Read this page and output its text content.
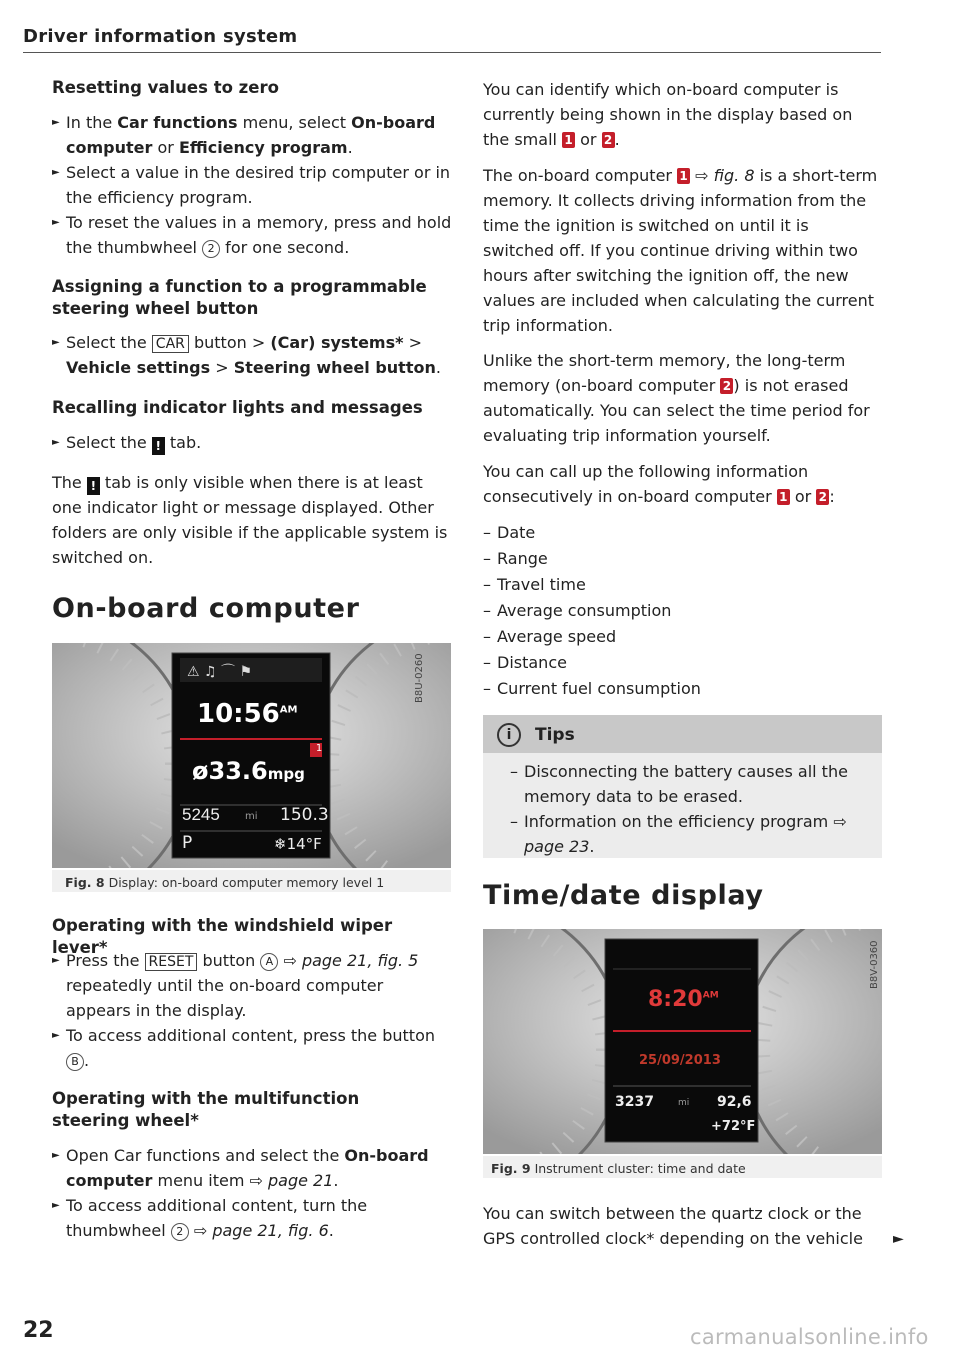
Driver information system
Resetting values to zero
► In the Car functions menu, select On-board computer or Efficiency program.
► Select a value in the desired trip computer or in the efficiency program.
► To reset the values in a memory, press and hold the thumbwheel 2 for one second.
Assigning a function to a programmable steering wheel button
► Select the CAR button > (Car) systems* > Vehicle settings > Steering wheel button.
Recalling indicator lights and messages
► Select the ! tab.
The ! tab is only visible when there is at least one indicator light or message displayed. Other folders are only visible if the applicable system is switched on.
On-board computer
⚠ ♫ ⌒ ⚑
$10:56^{AM}$
1
ø33.6mpg
5245	mi 150.3
P	❄14°F
B8U-0260
Fig. 8 Display: on-board computer memory level 1
Operating with the windshield wiper lever*
► Press the RESET button A ⇨ page 21, fig. 5 repeatedly until the on-board computer appears in the display.
► To access additional content, press the button B .
Operating with the multifunction steering wheel*
► Open Car functions and select the On-board computer menu item ⇨ page 21.
► To access additional content, turn the thumbwheel 2 ⇨ page 21, fig. 6.
22
You can identify which on-board computer is currently being shown in the display based on the small 1 or 2 .
The on-board computer 1 ⇨ fig. 8 is a short-term memory. It collects driving information from the time the ignition is switched on until it is switched off. If you continue driving within two hours after switching the ignition off, the new values are included when calculating the current trip information.
Unlike the short-term memory, the long-term memory (on-board computer 2 ) is not erased automatically. You can select the time period for evaluating trip information yourself.
You can call up the following information consecutively in on-board computer 1 or 2 :
– Date
– Range
– Travel time
– Average consumption
– Average speed
– Distance
– Current fuel consumption
i	Tips
– Disconnecting the battery causes all the memory data to be erased.
– Information on the efficiency program ⇨ page 23.
Time/date display
$8:20^{AM}$
25/09/2013
3237	mi 92,6
+72°F
B8V-0360
Fig. 9 Instrument cluster: time and date
You can switch between the quartz clock or the GPS controlled clock* depending on the vehicle	►
carmanualsonline.info
